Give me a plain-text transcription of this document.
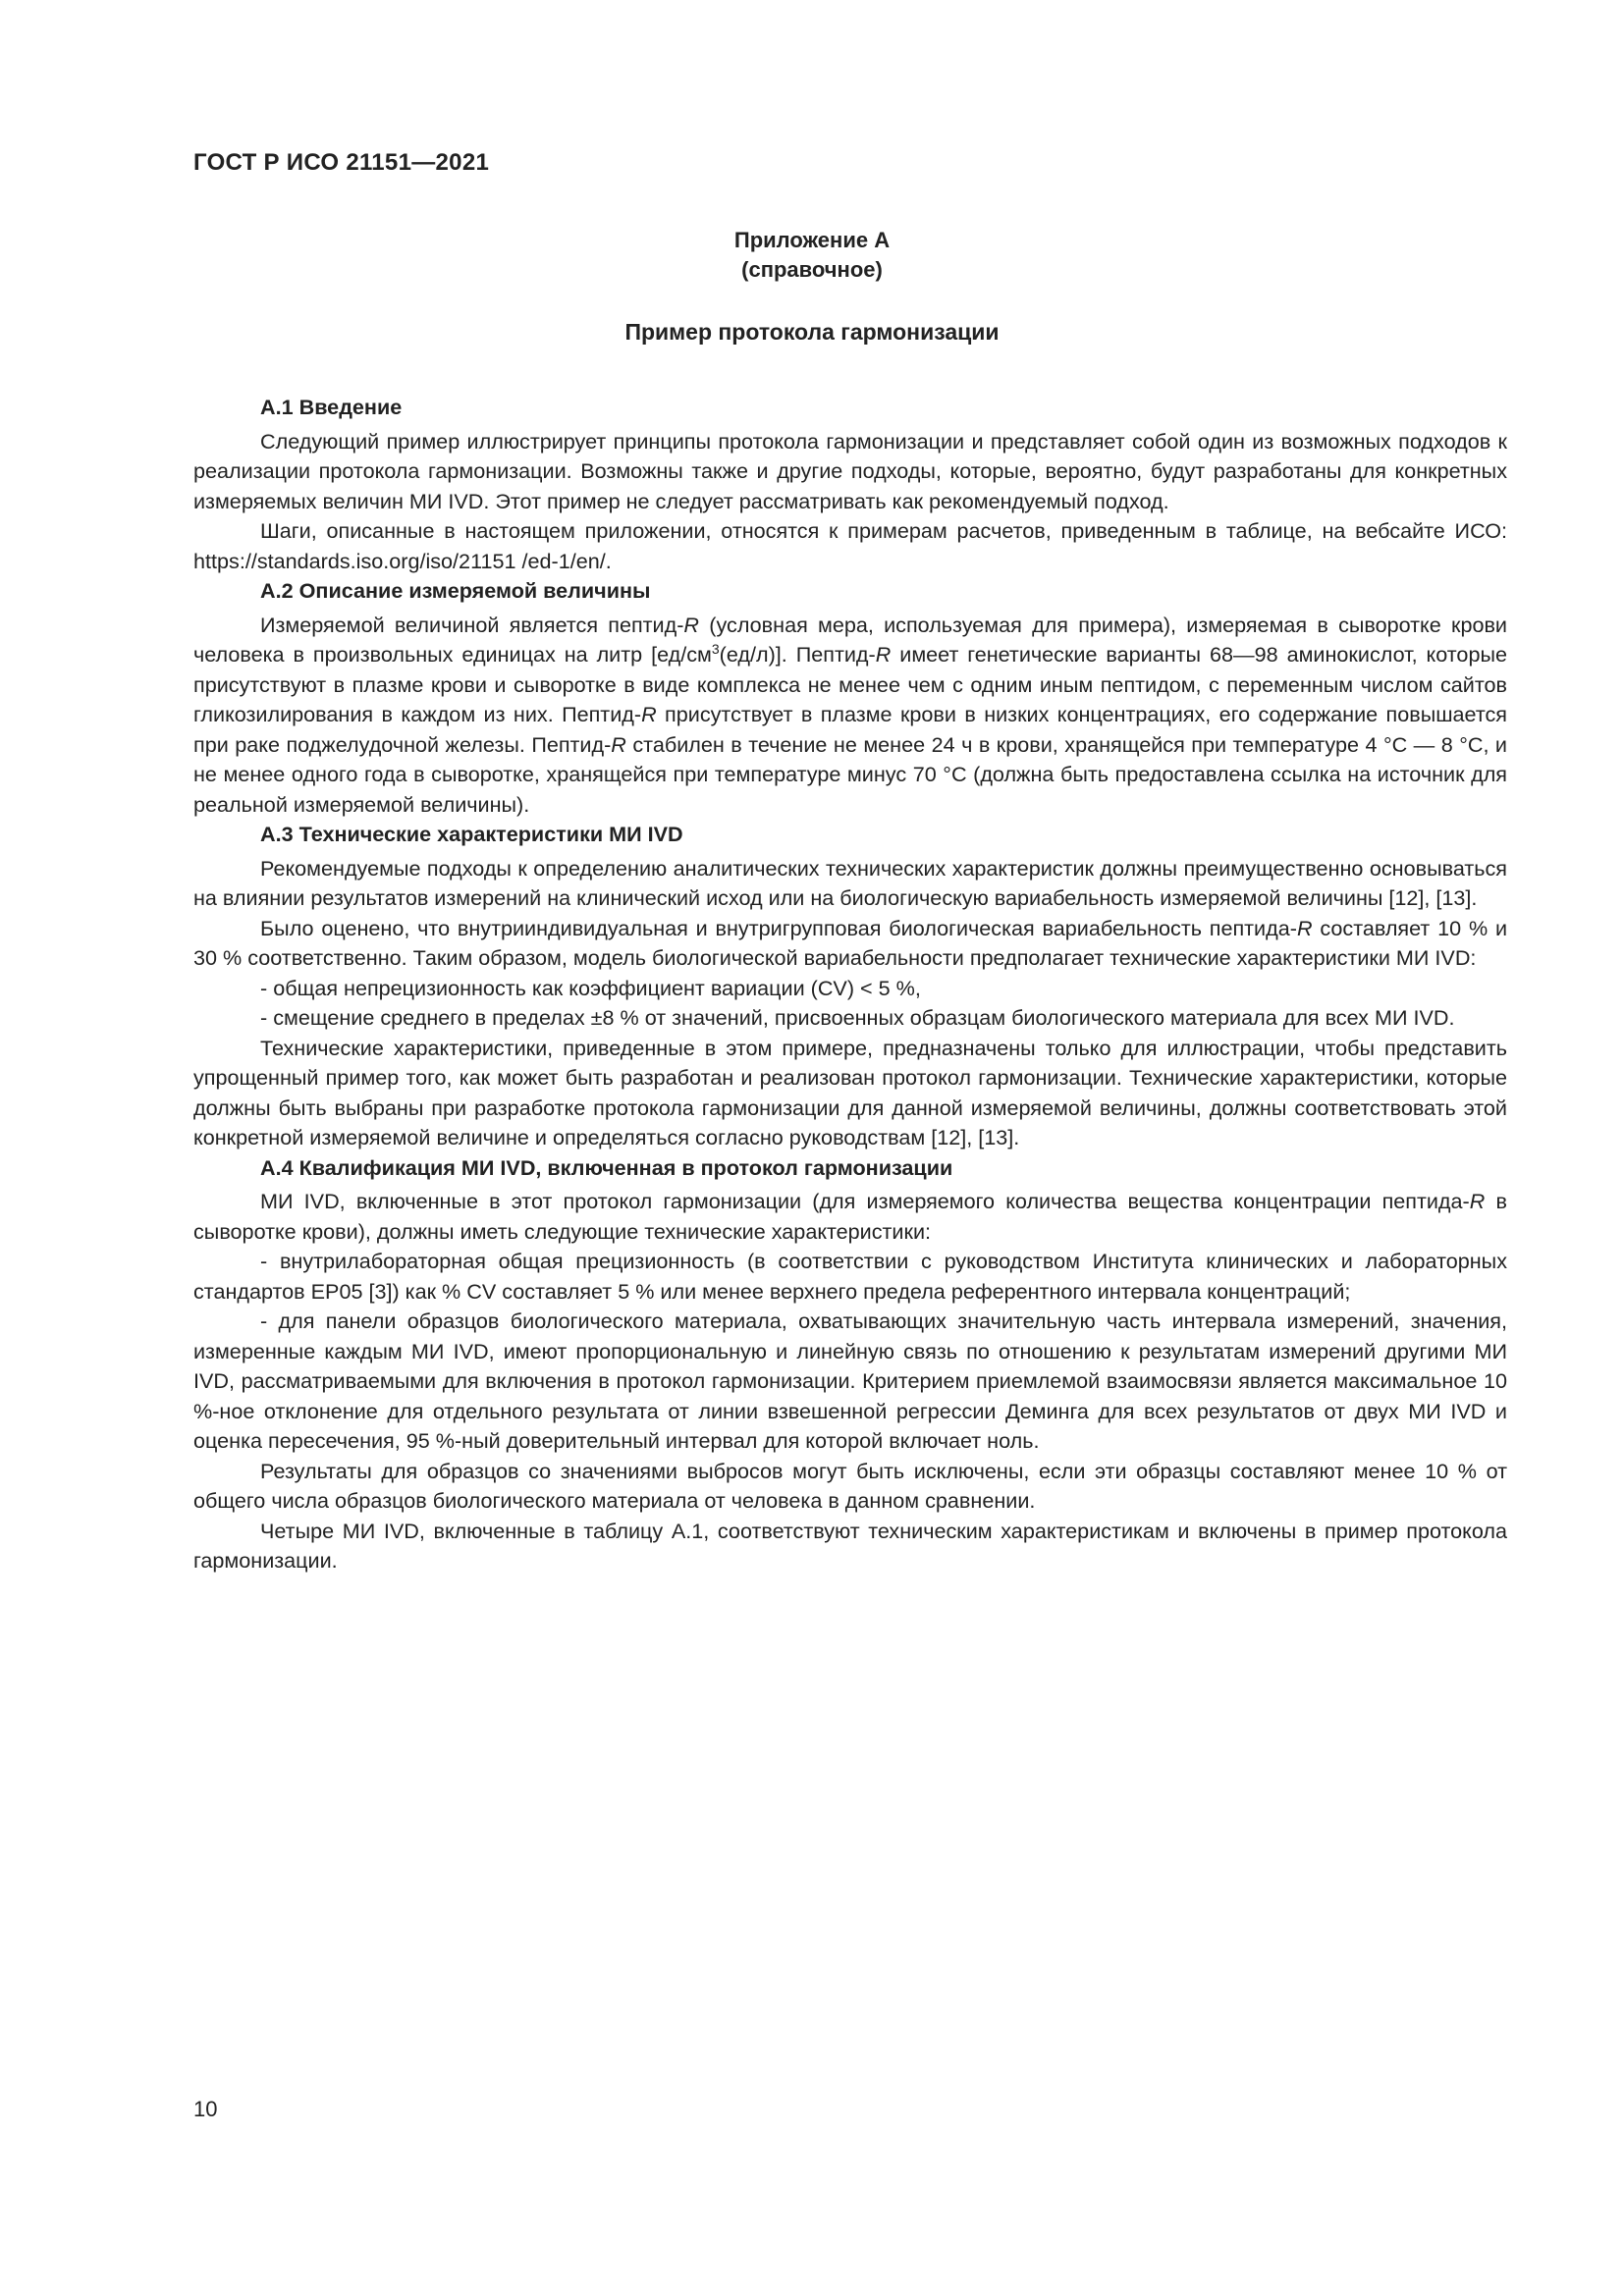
ГОСТ Р ИСО 21151—2021
Приложение А
(справочное)
Пример протокола гармонизации
А.1 Введение

Следующий пример иллюстрирует принципы протокола гармонизации и представляет собой один из возможных подходов к реализации протокола гармонизации. Возможны также и другие подходы, которые, вероятно, будут разработаны для конкретных измеряемых величин МИ IVD. Этот пример не следует рассматривать как рекомендуемый подход.

Шаги, описанные в настоящем приложении, относятся к примерам расчетов, приведенным в таблице, на вебсайте ИСО: https://standards.iso.org/iso/21151 /ed-1/en/.

А.2 Описание измеряемой величины

Измеряемой величиной является пептид-R (условная мера, используемая для примера), измеряемая в сыворотке крови человека в произвольных единицах на литр $[ед/см^3(ед/л)]$. Пептид-R имеет генетические варианты 68—98 аминокислот, которые присутствуют в плазме крови и сыворотке в виде комплекса не менее чем с одним иным пептидом, с переменным числом сайтов гликозилирования в каждом из них. Пептид-R присутствует в плазме крови в низких концентрациях, его содержание повышается при раке поджелудочной железы. Пептид-R стабилен в течение не менее 24 ч в крови, хранящейся при температуре 4 °С — 8 °С, и не менее одного года в сыворотке, хранящейся при температуре минус 70 °С (должна быть предоставлена ссылка на источник для реальной измеряемой величины).

А.3 Технические характеристики МИ IVD

Рекомендуемые подходы к определению аналитических технических характеристик должны преимущественно основываться на влиянии результатов измерений на клинический исход или на биологическую вариабельность измеряемой величины [12], [13].

Было оценено, что внутрииндивидуальная и внутригрупповая биологическая вариабельность пептида-R составляет 10 % и 30 % соответственно. Таким образом, модель биологической вариабельности предполагает технические характеристики МИ IVD:

- общая непрецизионность как коэффициент вариации (CV) < 5 %,

- смещение среднего в пределах ±8 % от значений, присвоенных образцам биологического материала для всех МИ IVD.

Технические характеристики, приведенные в этом примере, предназначены только для иллюстрации, чтобы представить упрощенный пример того, как может быть разработан и реализован протокол гармонизации. Технические характеристики, которые должны быть выбраны при разработке протокола гармонизации для данной измеряемой величины, должны соответствовать этой конкретной измеряемой величине и определяться согласно руководствам [12], [13].

А.4 Квалификация МИ IVD, включенная в протокол гармонизации

МИ IVD, включенные в этот протокол гармонизации (для измеряемого количества вещества концентрации пептида-R в сыворотке крови), должны иметь следующие технические характеристики:

- внутрилабораторная общая прецизионность (в соответствии с руководством Института клинических и лабораторных стандартов EP05 [3]) как % CV составляет 5 % или менее верхнего предела референтного интервала концентраций;

- для панели образцов биологического материала, охватывающих значительную часть интервала измерений, значения, измеренные каждым МИ IVD, имеют пропорциональную и линейную связь по отношению к результатам измерений другими МИ IVD, рассматриваемыми для включения в протокол гармонизации. Критерием приемлемой взаимосвязи является максимальное 10 %-ное отклонение для отдельного результата от линии взвешенной регрессии Деминга для всех результатов от двух МИ IVD и оценка пересечения, 95 %-ный доверительный интервал для которой включает ноль.

Результаты для образцов со значениями выбросов могут быть исключены, если эти образцы составляют менее 10 % от общего числа образцов биологического материала от человека в данном сравнении.

Четыре МИ IVD, включенные в таблицу А.1, соответствуют техническим характеристикам и включены в пример протокола гармонизации.

10
